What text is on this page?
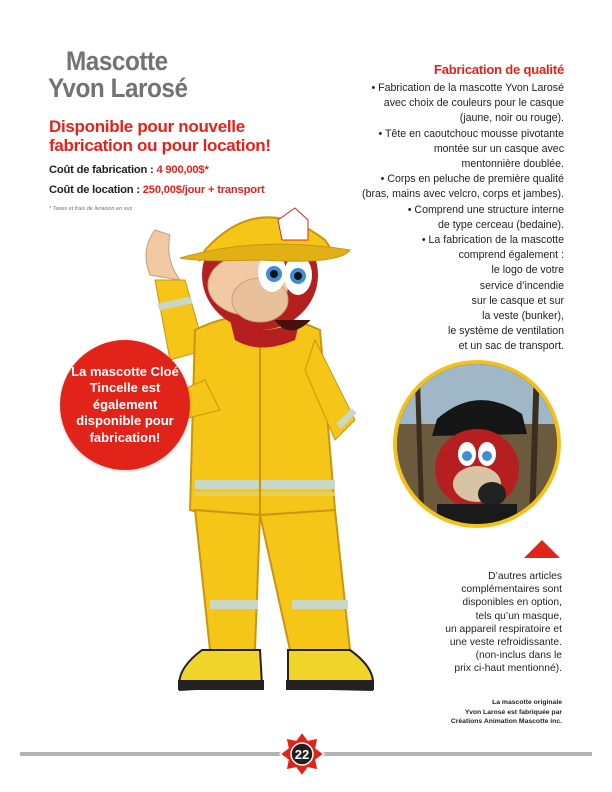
Mascotte
Yvon Larosé
Disponible pour nouvelle fabrication ou pour location!
Coût de fabrication : 4 900,00$*
Coût de location : 250,00$/jour + transport
* Taxes et frais de livraison en sus
Fabrication de qualité
• Fabrication de la mascotte Yvon Larosé
avec choix de couleurs pour le casque
(jaune, noir ou rouge).
• Tête en caoutchouc mousse pivotante
montée sur un casque avec
mentonnière doublée.
• Corps en peluche de première qualité
(bras, mains avec velcro, corps et jambes).
• Comprend une structure interne
de type cerceau (bedaine).
• La fabrication de la mascotte
comprend également :
le logo de votre
service d’incendie
sur le casque et sur
la veste (bunker),
le système de ventilation
et un sac de transport.
La mascotte Cloé Tincelle est également disponible pour fabrication!
D’autres articles
complémentaires sont
disponibles en option,
tels qu’un masque,
un appareil respiratoire et
une veste refroidissante.
(non-inclus dans le
prix ci-haut mentionné).
La mascotte originale
Yvon Larosé est fabriquée par
Créations Animation Mascotte inc.
22
